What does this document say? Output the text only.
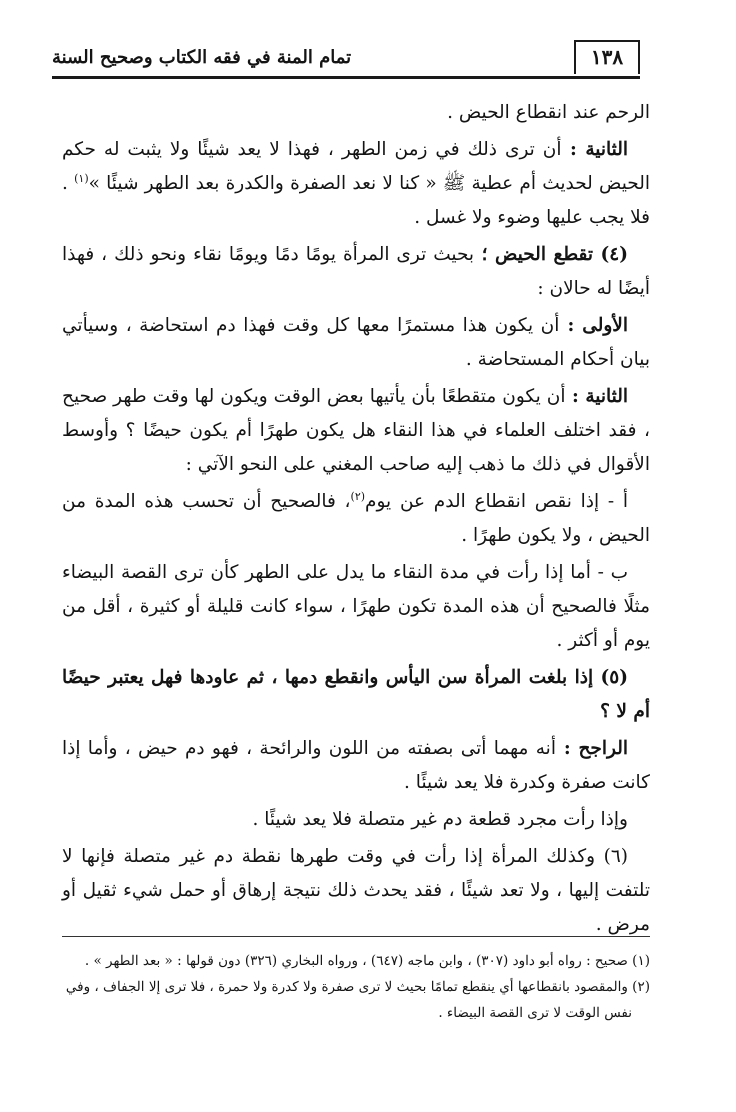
١٣٨
تمام المنة في فقه الكتاب وصحيح السنة

الرحم عند انقطاع الحيض .

الثانية : أن ترى ذلك في زمن الطهر ، فهذا لا يعد شيئًا ولا يثبت له حكم الحيض لحديث أم عطية ﷺ « كنا لا نعد الصفرة والكدرة بعد الطهر شيئًا »$^{(١)}$ . فلا يجب عليها وضوء ولا غسل .

(٤) تقطع الحيض ؛ بحيث ترى المرأة يومًا دمًا ويومًا نقاء ونحو ذلك ، فهذا أيضًا له حالان :

الأولى : أن يكون هذا مستمرًا معها كل وقت فهذا دم استحاضة ، وسيأتي بيان أحكام المستحاضة .

الثانية : أن يكون متقطعًا بأن يأتيها بعض الوقت ويكون لها وقت طهر صحيح ، فقد اختلف العلماء في هذا النقاء هل يكون طهرًا أم يكون حيضًا ؟ وأوسط الأقوال في ذلك ما ذهب إليه صاحب المغني على النحو الآتي :

أ - إذا نقص انقطاع الدم عن يوم$^{(٢)}$، فالصحيح أن تحسب هذه المدة من الحيض ، ولا يكون طهرًا .

ب - أما إذا رأت في مدة النقاء ما يدل على الطهر كأن ترى القصة البيضاء مثلًا فالصحيح أن هذه المدة تكون طهرًا ، سواء كانت قليلة أو كثيرة ، أقل من يوم أو أكثر .

(٥) إذا بلغت المرأة سن اليأس وانقطع دمها ، ثم عاودها فهل يعتبر حيضًا أم لا ؟

الراجح : أنه مهما أتى بصفته من اللون والرائحة ، فهو دم حيض ، وأما إذا كانت صفرة وكدرة فلا يعد شيئًا .

وإذا رأت مجرد قطعة دم غير متصلة فلا يعد شيئًا .

(٦) وكذلك المرأة إذا رأت في وقت طهرها نقطة دم غير متصلة فإنها لا تلتفت إليها ، ولا تعد شيئًا ، فقد يحدث ذلك نتيجة إرهاق أو حمل شيء ثقيل أو مرض .

(١) صحيح : رواه أبو داود (٣٠٧) ، وابن ماجه (٦٤٧) ، ورواه البخاري (٣٢٦) دون قولها : « بعد الطهر » .

(٢) والمقصود بانقطاعها أي ينقطع تمامًا بحيث لا ترى صفرة ولا كدرة ولا حمرة ، فلا ترى إلا الجفاف ، وفي

نفس الوقت لا ترى القصة البيضاء .
